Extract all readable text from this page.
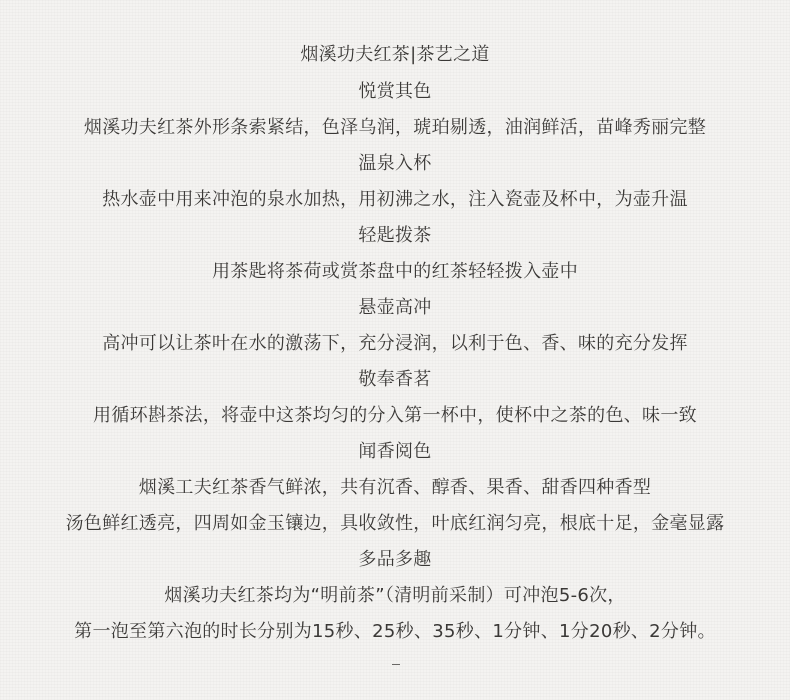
烟溪功夫红茶|茶艺之道
悦赏其色
烟溪功夫红茶外形条索紧结，色泽乌润，琥珀剔透，油润鲜活，苗峰秀丽完整
温泉入杯
热水壶中用来冲泡的泉水加热，用初沸之水，注入瓷壶及杯中，为壶升温
轻匙拨茶
用茶匙将茶荷或赏茶盘中的红茶轻轻拨入壶中
悬壶高冲
高冲可以让茶叶在水的激荡下，充分浸润，以利于色、香、味的充分发挥
敬奉香茗
用循环斟茶法，将壶中这茶均匀的分入第一杯中，使杯中之茶的色、味一致
闻香阅色
烟溪工夫红茶香气鲜浓，共有沉香、醇香、果香、甜香四种香型
汤色鲜红透亮，四周如金玉镶边，具收敛性，叶底红润匀亮，根底十足，金毫显露
多品多趣
烟溪功夫红茶均为“明前茶”（清明前采制）可冲泡5-6次，
第一泡至第六泡的时长分别为15秒、25秒、35秒、1分钟、1分20秒、2分钟。
